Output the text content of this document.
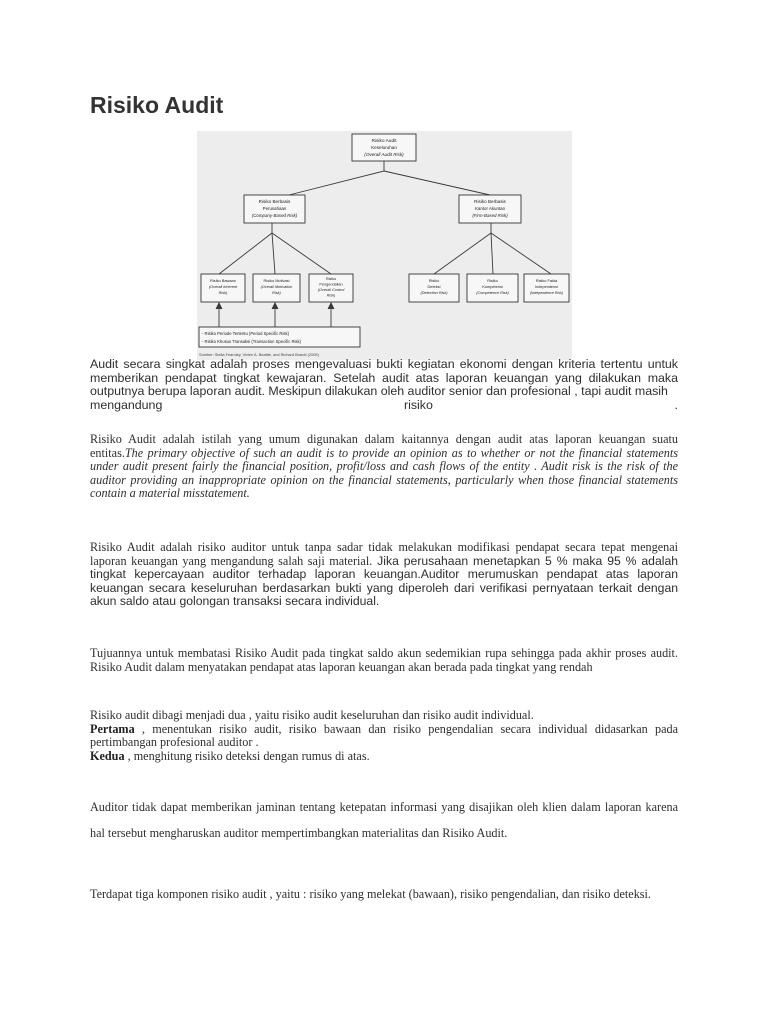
Risiko Audit
Risiko Audit
Keseluruhan
(Overall Audit Risk)
Risiko Berbasis
Perusahaan
(Company-Based Risk)
Risiko Berbasis
Kantor Akuntan
(Firm-Based Risk)
Risiko Bawaan
(Overall Inherent
Risk)
Risiko Motivasi
(Overall Motivation
Risk)
Risiko
Pengendalian
(Overall Control
Risk)
Risiko
Deteksi
(Detection Risk)
Risiko
Kompetensi
(Competence Risk)
Risiko Fakta
Independensi
(Independence Risk)
- Risiko Periode Tertentu (Period Specific Risk)
- Risiko Khusus Transaksi (Transaction Specific Risk)
Sumber: Stella Fearnley, Vivien A. Beattie, and Richard Brandt (2005)
Audit secara singkat adalah proses mengevaluasi bukti kegiatan ekonomi dengan kriteria tertentu untuk memberikan pendapat tingkat kewajaran. Setelah audit atas laporan keuangan yang dilakukan maka outputnya berupa laporan audit. Meskipun dilakukan oleh auditor senior dan profesional , tapi audit masih
mengandung	risiko	.
Risiko Audit adalah istilah yang umum digunakan dalam kaitannya dengan audit atas laporan keuangan suatu entitas.The primary objective of such an audit is to provide an opinion as to whether or not the financial statements under audit present fairly the financial position, profit/loss and cash flows of the entity . Audit risk is the risk of the auditor providing an inappropriate opinion on the financial statements, particularly when those financial statements contain a material misstatement.
Risiko Audit adalah risiko auditor untuk tanpa sadar tidak melakukan modifikasi pendapat secara tepat mengenai laporan keuangan yang mengandung salah saji material. Jika perusahaan menetapkan 5 % maka 95 % adalah tingkat kepercayaan auditor terhadap laporan keuangan.Auditor merumuskan pendapat atas laporan keuangan secara keseluruhan berdasarkan bukti yang diperoleh dari verifikasi pernyataan terkait dengan akun saldo atau golongan transaksi secara individual.
Tujuannya untuk membatasi Risiko Audit pada tingkat saldo akun sedemikian rupa sehingga pada akhir proses audit. Risiko Audit dalam menyatakan pendapat atas laporan keuangan akan berada pada tingkat yang rendah
Risiko audit dibagi menjadi dua , yaitu risiko audit keseluruhan dan risiko audit individual.
Pertama , menentukan risiko audit, risiko bawaan dan risiko pengendalian secara individual didasarkan pada pertimbangan profesional auditor .
Kedua , menghitung risiko deteksi dengan rumus di atas.
Auditor tidak dapat memberikan jaminan tentang ketepatan informasi yang disajikan oleh klien dalam laporan karena hal tersebut mengharuskan auditor mempertimbangkan materialitas dan Risiko Audit.
Terdapat tiga komponen risiko audit , yaitu : risiko yang melekat (bawaan), risiko pengendalian, dan risiko deteksi.
